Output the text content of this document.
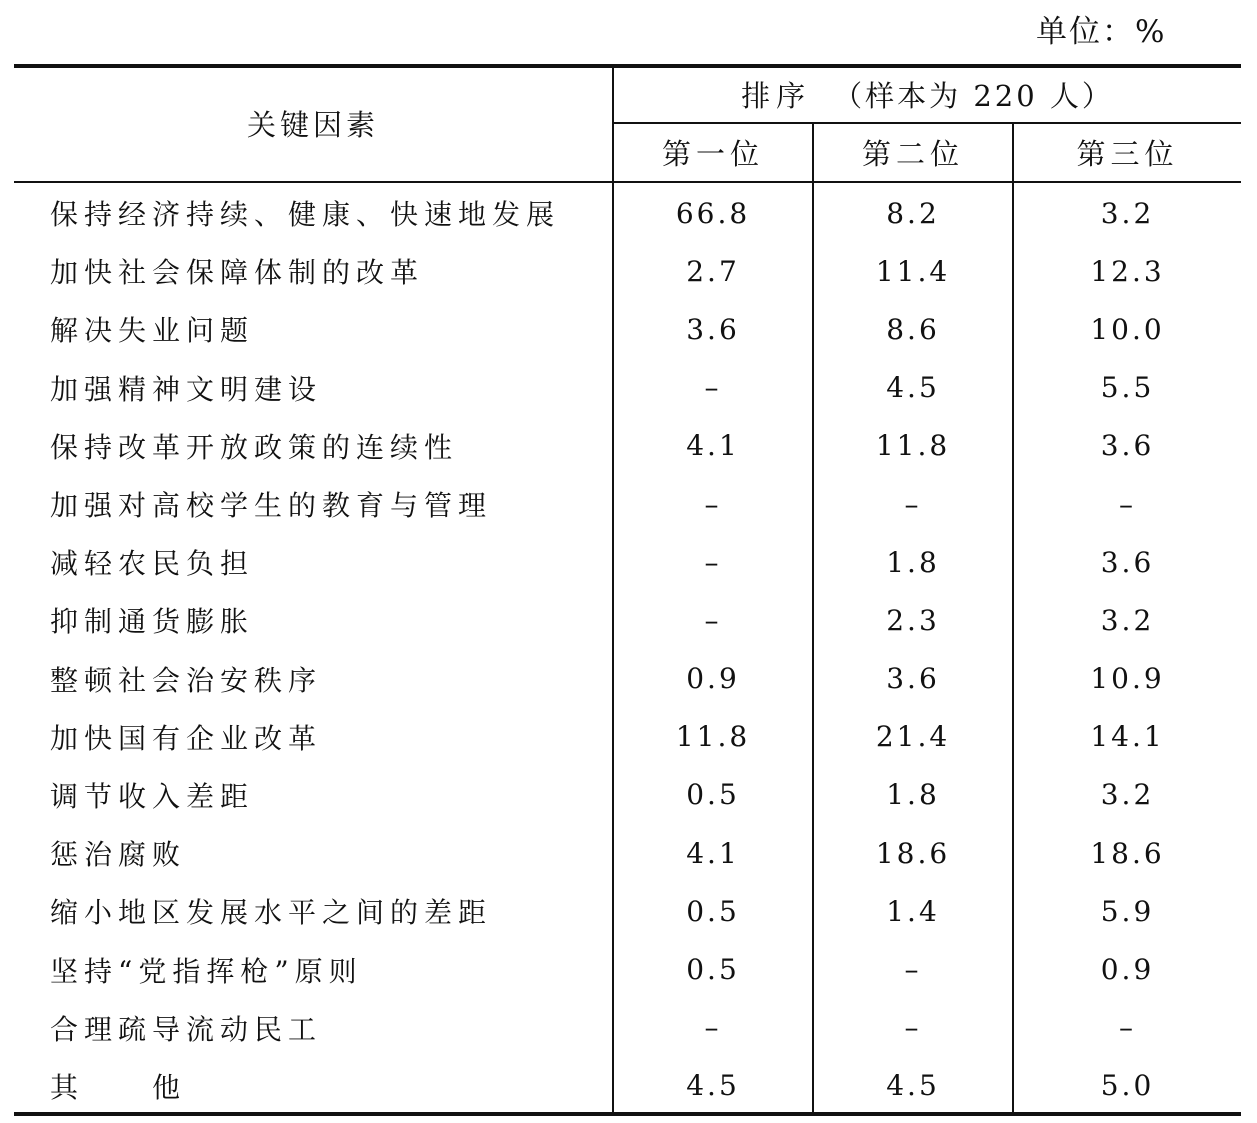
单位：%
关键因素
排序 （样本为 220 人）
第一位	第二位	第三位
保持经济持续、健康、快速地发展	66.8	8.2	3.2
加快社会保障体制的改革	2.7	11.4	12.3
解决失业问题	3.6	8.6	10.0
加强精神文明建设	–	4.5	5.5
保持改革开放政策的连续性	4.1	11.8	3.6
加强对高校学生的教育与管理	–	–	–
减轻农民负担	–	1.8	3.6
抑制通货膨胀	–	2.3	3.2
整顿社会治安秩序	0.9	3.6	10.9
加快国有企业改革	11.8	21.4	14.1
调节收入差距	0.5	1.8	3.2
惩治腐败	4.1	18.6	18.6
缩小地区发展水平之间的差距	0.5	1.4	5.9
坚持“党指挥枪”原则	0.5	–	0.9
合理疏导流动民工	–	–	–
其　　他	4.5	4.5	5.0
